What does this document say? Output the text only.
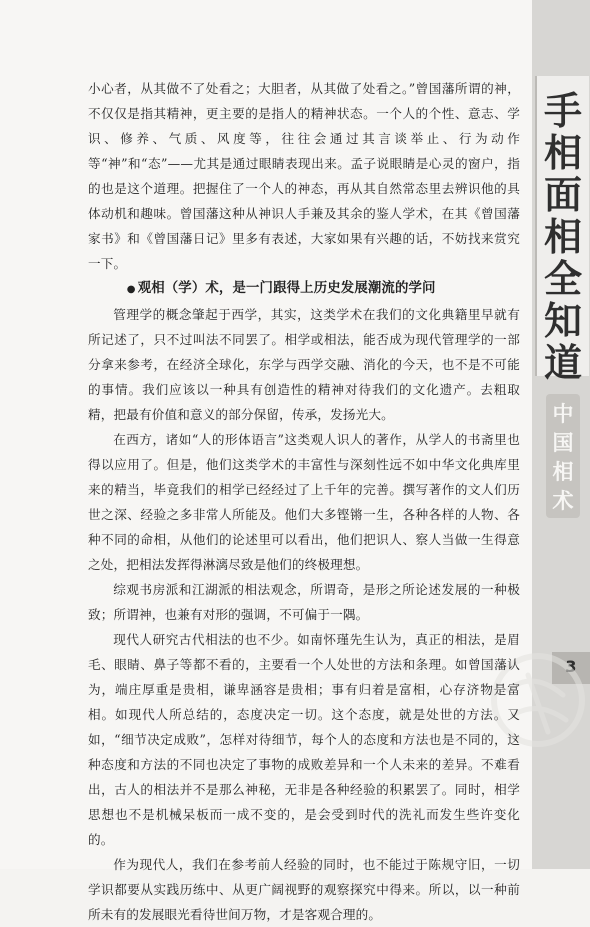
手
相
面
相
全
知
道
中
国
相
术
3

小心者，从其做不了处看之；大胆者，从其做了处看之。”曾国藩所谓的神，不仅仅是指其精神，更主要的是指人的精神状态。一个人的个性、意志、学识、修养、气质、风度等，往往会通过其言谈举止、行为动作等“神”和“态”——尤其是通过眼睛表现出来。孟子说眼睛是心灵的窗户，指的也是这个道理。把握住了一个人的神态，再从其自然常态里去辨识他的具体动机和趣味。曾国藩这种从神识人手兼及其余的鉴人学术，在其《曾国藩家书》和《曾国藩日记》里多有表述，大家如果有兴趣的话，不妨找来赏究一下。

● 观相（学）术，是一门跟得上历史发展潮流的学问

管理学的概念肇起于西学，其实，这类学术在我们的文化典籍里早就有所记述了，只不过叫法不同罢了。相学或相法，能否成为现代管理学的一部分拿来参考，在经济全球化，东学与西学交融、消化的今天，也不是不可能的事情。我们应该以一种具有创造性的精神对待我们的文化遗产。去粗取精，把最有价值和意义的部分保留，传承，发扬光大。

在西方，诸如“人的形体语言”这类观人识人的著作，从学人的书斋里也得以应用了。但是，他们这类学术的丰富性与深刻性远不如中华文化典库里来的精当，毕竟我们的相学已经经过了上千年的完善。撰写著作的文人们历世之深、经验之多非常人所能及。他们大多铿锵一生，各种各样的人物、各种不同的命相，从他们的论述里可以看出，他们把识人、察人当做一生得意之处，把相法发挥得淋漓尽致是他们的终极理想。

综观书房派和江湖派的相法观念，所谓奇，是形之所论述发展的一种极致；所谓神，也兼有对形的强调，不可偏于一隅。

现代人研究古代相法的也不少。如南怀瑾先生认为，真正的相法，是眉毛、眼睛、鼻子等都不看的，主要看一个人处世的方法和条理。如曾国藩认为，端庄厚重是贵相，谦卑涵容是贵相；事有归着是富相，心存济物是富相。如现代人所总结的，态度决定一切。这个态度，就是处世的方法。又如，“细节决定成败”，怎样对待细节，每个人的态度和方法也是不同的，这种态度和方法的不同也决定了事物的成败差异和一个人未来的差异。不难看出，古人的相法并不是那么神秘，无非是各种经验的积累罢了。同时，相学思想也不是机械呆板而一成不变的，是会受到时代的洗礼而发生些许变化的。

作为现代人，我们在参考前人经验的同时，也不能过于陈规守旧，一切学识都要从实践历练中、从更广阔视野的观察探究中得来。所以，以一种前所未有的发展眼光看待世间万物，才是客观合理的。
